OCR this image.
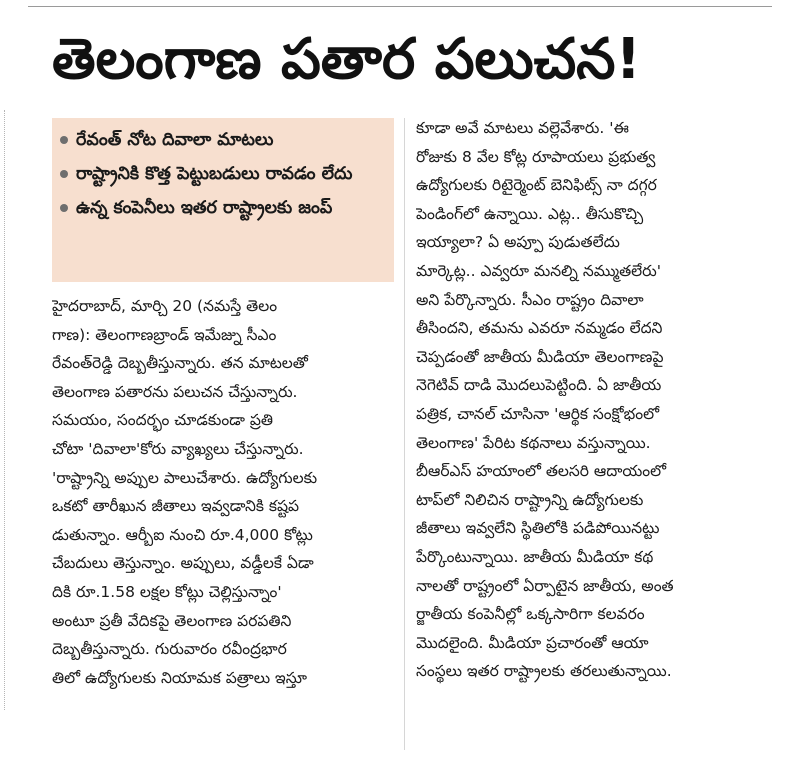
తెలంగాణ పతార పలుచన!
రేవంత్ నోట దివాలా మాటలు
రాష్ట్రానికి కొత్త పెట్టుబడులు రావడం లేదు
ఉన్న కంపెనీలు ఇతర రాష్ట్రాలకు జంప్
హైదరాబాద్, మార్చి 20 (నమస్తే తెలం
గాణ): తెలంగాణబ్రాండ్ ఇమేజ్ను సీఎం
రేవంత్‌రెడ్డి దెబ్బతీస్తున్నారు. తన మాటలతో
తెలంగాణ పతారను పలుచన చేస్తున్నారు.
సమయం, సందర్భం చూడకుండా ప్రతి
చోటా 'దివాలా'కోరు వ్యాఖ్యలు చేస్తున్నారు.
'రాష్ట్రాన్ని అప్పుల పాలుచేశారు. ఉద్యోగులకు
ఒకటో తారీఖున జీతాలు ఇవ్వడానికి కష్టప
డుతున్నాం. ఆర్బీఐ నుంచి రూ.4,000 కోట్లు
చేబదులు తెస్తున్నాం. అప్పులు, వడ్డీలకే ఏడా
దికి రూ.1.58 లక్షల కోట్లు చెల్లిస్తున్నాం'
అంటూ ప్రతీ వేదికపై తెలంగాణ పరపతిని
దెబ్బతీస్తున్నారు. గురువారం రవీంద్రభార
తిలో ఉద్యోగులకు నియామక పత్రాలు ఇస్తూ
కూడా అవే మాటలు వల్లెవేశారు. 'ఈ
రోజుకు 8 వేల కోట్ల రూపాయలు ప్రభుత్వ
ఉద్యోగులకు రిటైర్మెంట్ బెనిఫిట్స్ నా దగ్గర
పెండింగ్‌లో ఉన్నాయి. ఎట్ల.. తీసుకొచ్చి
ఇయ్యాలా? ఏ అప్పూ పుడుతలేదు
మార్కెట్ల.. ఎవ్వరూ మనల్ని నమ్ముతలేరు'
అని పేర్కొన్నారు. సీఎం రాష్ట్రం దివాలా
తీసిందని, తమను ఎవరూ నమ్మడం లేదని
చెప్పడంతో జాతీయ మీడియా తెలంగాణపై
నెగెటివ్ దాడి మొదలుపెట్టింది. ఏ జాతీయ
పత్రిక, చానల్ చూసినా 'ఆర్థిక సంక్షోభంలో
తెలంగాణ' పేరిట కథనాలు వస్తున్నాయి.
బీఆర్‌ఎస్ హయాంలో తలసరి ఆదాయంలో
టాప్‌లో నిలిచిన రాష్ట్రాన్ని ఉద్యోగులకు
జీతాలు ఇవ్వలేని స్థితిలోకి పడిపోయినట్టు
పేర్కొంటున్నాయి. జాతీయ మీడియా కథ
నాలతో రాష్ట్రంలో ఏర్పాటైన జాతీయ, అంత
ర్జాతీయ కంపెనీల్లో ఒక్కసారిగా కలవరం
మొదలైంది. మీడియా ప్రచారంతో ఆయా
సంస్థలు ఇతర రాష్ట్రాలకు తరలుతున్నాయి.
